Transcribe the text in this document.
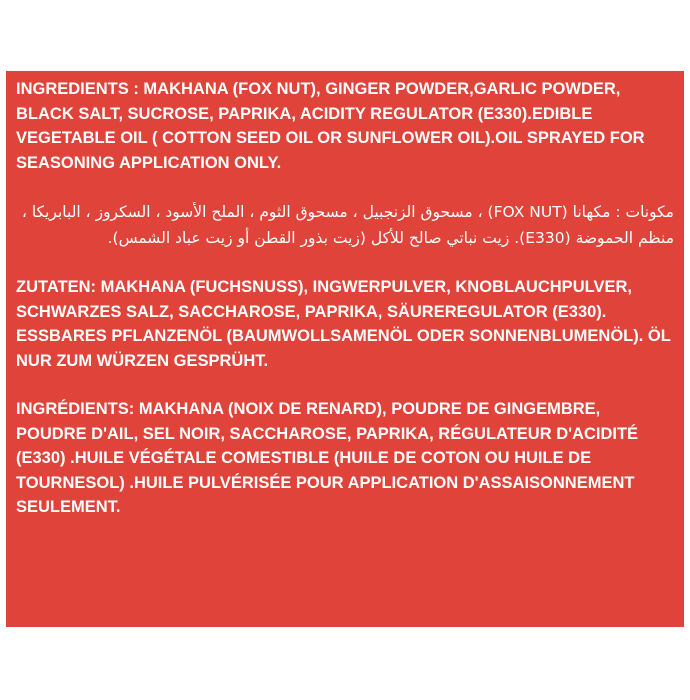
INGREDIENTS : MAKHANA (FOX NUT), GINGER POWDER,GARLIC POWDER, BLACK SALT, SUCROSE, PAPRIKA, ACIDITY REGULATOR (E330).EDIBLE VEGETABLE OIL ( COTTON SEED OIL OR SUNFLOWER OIL).OIL SPRAYED FOR SEASONING APPLICATION ONLY.

مكونات : مكهانا (FOX NUT) ، مسحوق الزنجبيل ، مسحوق الثوم ، الملح الأسود ، السكروز ، البابريكا ، منظم الحموضة (E330). زيت نباتي صالح للأكل (زيت بذور القطن أو زيت عباد الشمس).

ZUTATEN: MAKHANA (FUCHSNUSS), INGWERPULVER, KNOBLAUCHPULVER, SCHWARZES SALZ, SACCHAROSE, PAPRIKA, SÄUREREGULATOR (E330). ESSBARES PFLANZENÖL (BAUMWOLLSAMENÖL ODER SONNENBLUMENÖL). ÖL NUR ZUM WÜRZEN GESPRÜHT.

INGRÉDIENTS: MAKHANA (NOIX DE RENARD), POUDRE DE GINGEMBRE, POUDRE D'AIL, SEL NOIR, SACCHAROSE, PAPRIKA, RÉGULATEUR D'ACIDITÉ (E330) .HUILE VÉGÉTALE COMESTIBLE (HUILE DE COTON OU HUILE DE TOURNESOL) .HUILE PULVÉRISÉE POUR APPLICATION D'ASSAISONNEMENT SEULEMENT.
